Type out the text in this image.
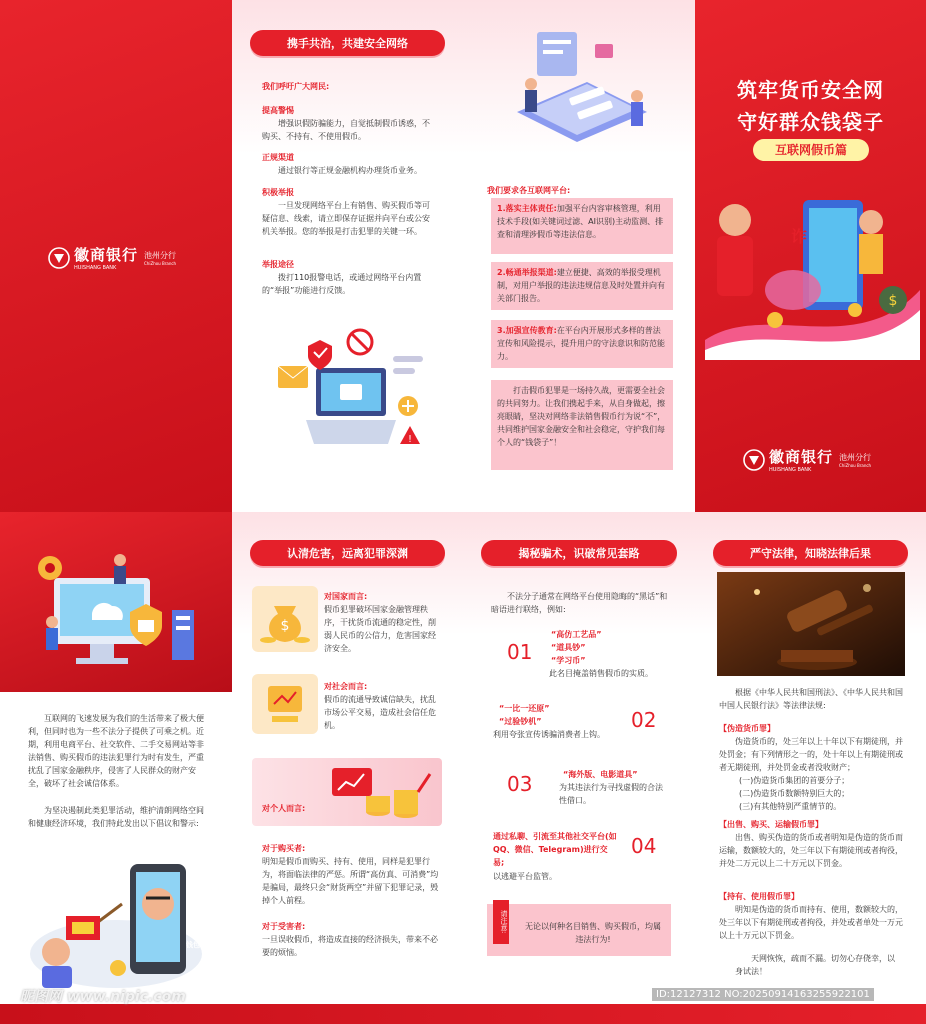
徽商银行
HUISHANG BANK
池州分行
ChiZhou Branch
携手共治，共建安全网络
我们呼吁广大网民:
提高警惕
增强识假防骗能力，自觉抵制假币诱惑，不购买、不持有、不使用假币。
正规渠道
通过银行等正规金融机构办理货币业务。
积极举报
一旦发现网络平台上有销售、购买假币等可疑信息、线索，请立即保存证据并向平台或公安机关举报。您的举报是打击犯罪的关键一环。
举报途径
拨打110报警电话，或通过网络平台内置的“举报”功能进行反馈。
!
我们要求各互联网平台:
1.落实主体责任:加强平台内容审核管理，利用技术手段(如关键词过滤、AI识别)主动监测、排查和清理涉假币等违法信息。
2.畅通举报渠道:建立便捷、高效的举报受理机制，对用户举报的违法违规信息及时处置并向有关部门报告。
3.加强宣传教育:在平台内开展形式多样的普法宣传和风险提示，提升用户的守法意识和防范能力。
打击假币犯罪是一场持久战，更需要全社会的共同努力。让我们携起手来，从自身做起，擦亮眼睛，坚决对网络非法销售假币行为说“不”，共同维护国家金融安全和社会稳定，守护我们每个人的“钱袋子”！
筑牢货币安全网
守好群众钱袋子
互联网假币篇
$
诈
徽商银行
HUISHANG BANK
池州分行
ChiZhou Branch
互联网的飞速发展为我们的生活带来了极大便利，但同时也为一些不法分子提供了可乘之机。近期，利用电商平台、社交软件、二手交易网站等非法销售、购买假币的违法犯罪行为时有发生，严重扰乱了国家金融秩序，侵害了人民群众的财产安全，破坏了社会诚信体系。
为坚决遏制此类犯罪活动，维护清朗网络空间和健康经济环境，我们特此发出以下倡议和警示:
钱包
认清危害，远离犯罪深渊
$
对国家而言:
假币犯罪破坏国家金融管理秩序，干扰货币流通的稳定性，削弱人民币的公信力，危害国家经济安全。
对社会而言:
假币的流通导致诚信缺失，扰乱市场公平交易，造成社会信任危机。
对个人而言:
对于购买者:
明知是假币而购买、持有、使用，同样是犯罪行为，将面临法律的严惩。所谓“高仿真、可消费”均是骗局，最终只会“财货两空”并留下犯罪记录，毁掉个人前程。
对于受害者:
一旦误收假币，将造成直接的经济损失，带来不必要的烦恼。
揭秘骗术，识破常见套路
不法分子通常在网络平台使用隐晦的“黑话”和暗语进行联络，例如:
01
“高仿工艺品”
“道具钞”
“学习币”
此名目掩盖销售假币的实质。
“一比一还原”
“过验钞机”
利用夸张宣传诱骗消费者上钩。
02
03	“海外版、电影道具”
为其违法行为寻找虚假的合法性借口。
通过私聊、引流至其他社交平台(如QQ、微信、Telegram)进行交易;
以逃避平台监管。
04
请注意: 无论以何种名目销售、购买假币，均属违法行为!
严守法律，知晓法律后果
根据《中华人民共和国刑法》、《中华人民共和国中国人民银行法》等法律法规:
【伪造货币罪】
伪造货币的，处三年以上十年以下有期徒刑，并处罚金；有下列情形之一的，处十年以上有期徒刑或者无期徒刑，并处罚金或者没收财产；
(一)伪造货币集团的首要分子；
(二)伪造货币数额特别巨大的；
(三)有其他特别严重情节的。
【出售、购买、运输假币罪】
出售、购买伪造的货币或者明知是伪造的货币而运输，数额较大的，处三年以下有期徒刑或者拘役，并处二万元以上二十万元以下罚金。
【持有、使用假币罪】
明知是伪造的货币而持有、使用，数额较大的，处三年以下有期徒刑或者拘役，并处或者单处一万元以上十万元以下罚金。
天网恢恢，疏而不漏。切勿心存侥幸，以身试法！
昵图网 www.nipic.com	ID:12127312 NO:20250914163255922101
